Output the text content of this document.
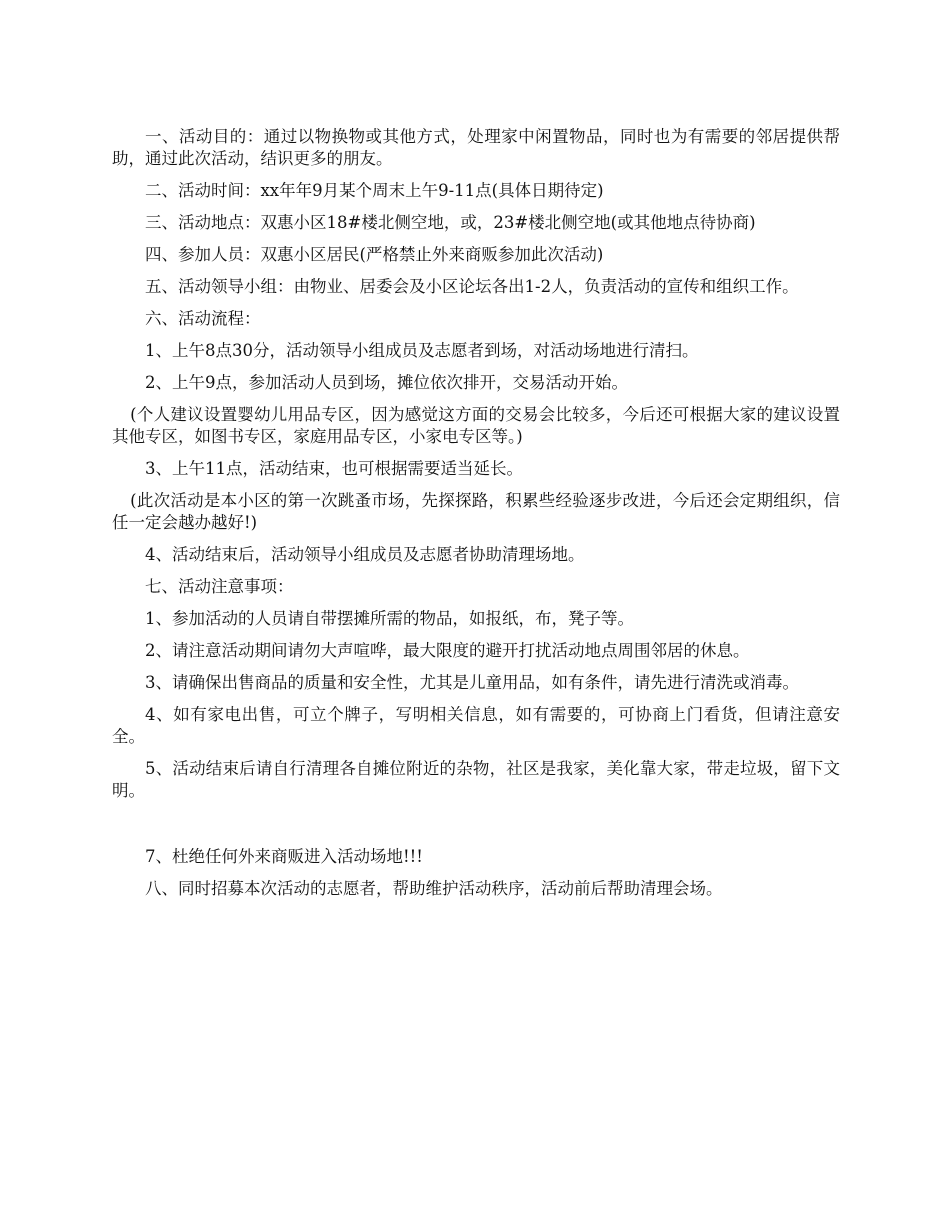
一、活动目的：通过以物换物或其他方式，处理家中闲置物品，同时也为有需要的邻居提供帮助，通过此次活动，结识更多的朋友。

二、活动时间：xx年年9月某个周末上午9-11点(具体日期待定)

三、活动地点：双惠小区18#楼北侧空地，或，23#楼北侧空地(或其他地点待协商)

四、参加人员：双惠小区居民(严格禁止外来商贩参加此次活动)

五、活动领导小组：由物业、居委会及小区论坛各出1-2人，负责活动的宣传和组织工作。

六、活动流程：

1、上午8点30分，活动领导小组成员及志愿者到场，对活动场地进行清扫。

2、上午9点，参加活动人员到场，摊位依次排开，交易活动开始。

(个人建议设置婴幼儿用品专区，因为感觉这方面的交易会比较多，今后还可根据大家的建议设置其他专区，如图书专区，家庭用品专区，小家电专区等。)

3、上午11点，活动结束，也可根据需要适当延长。

(此次活动是本小区的第一次跳蚤市场，先探探路，积累些经验逐步改进，今后还会定期组织，信任一定会越办越好!)

4、活动结束后，活动领导小组成员及志愿者协助清理场地。

七、活动注意事项：

1、参加活动的人员请自带摆摊所需的物品，如报纸，布，凳子等。

2、请注意活动期间请勿大声喧哗，最大限度的避开打扰活动地点周围邻居的休息。

3、请确保出售商品的质量和安全性，尤其是儿童用品，如有条件，请先进行清洗或消毒。

4、如有家电出售，可立个牌子，写明相关信息，如有需要的，可协商上门看货，但请注意安全。

5、活动结束后请自行清理各自摊位附近的杂物，社区是我家，美化靠大家，带走垃圾，留下文明。

7、杜绝任何外来商贩进入活动场地!!!

八、同时招募本次活动的志愿者，帮助维护活动秩序，活动前后帮助清理会场。
